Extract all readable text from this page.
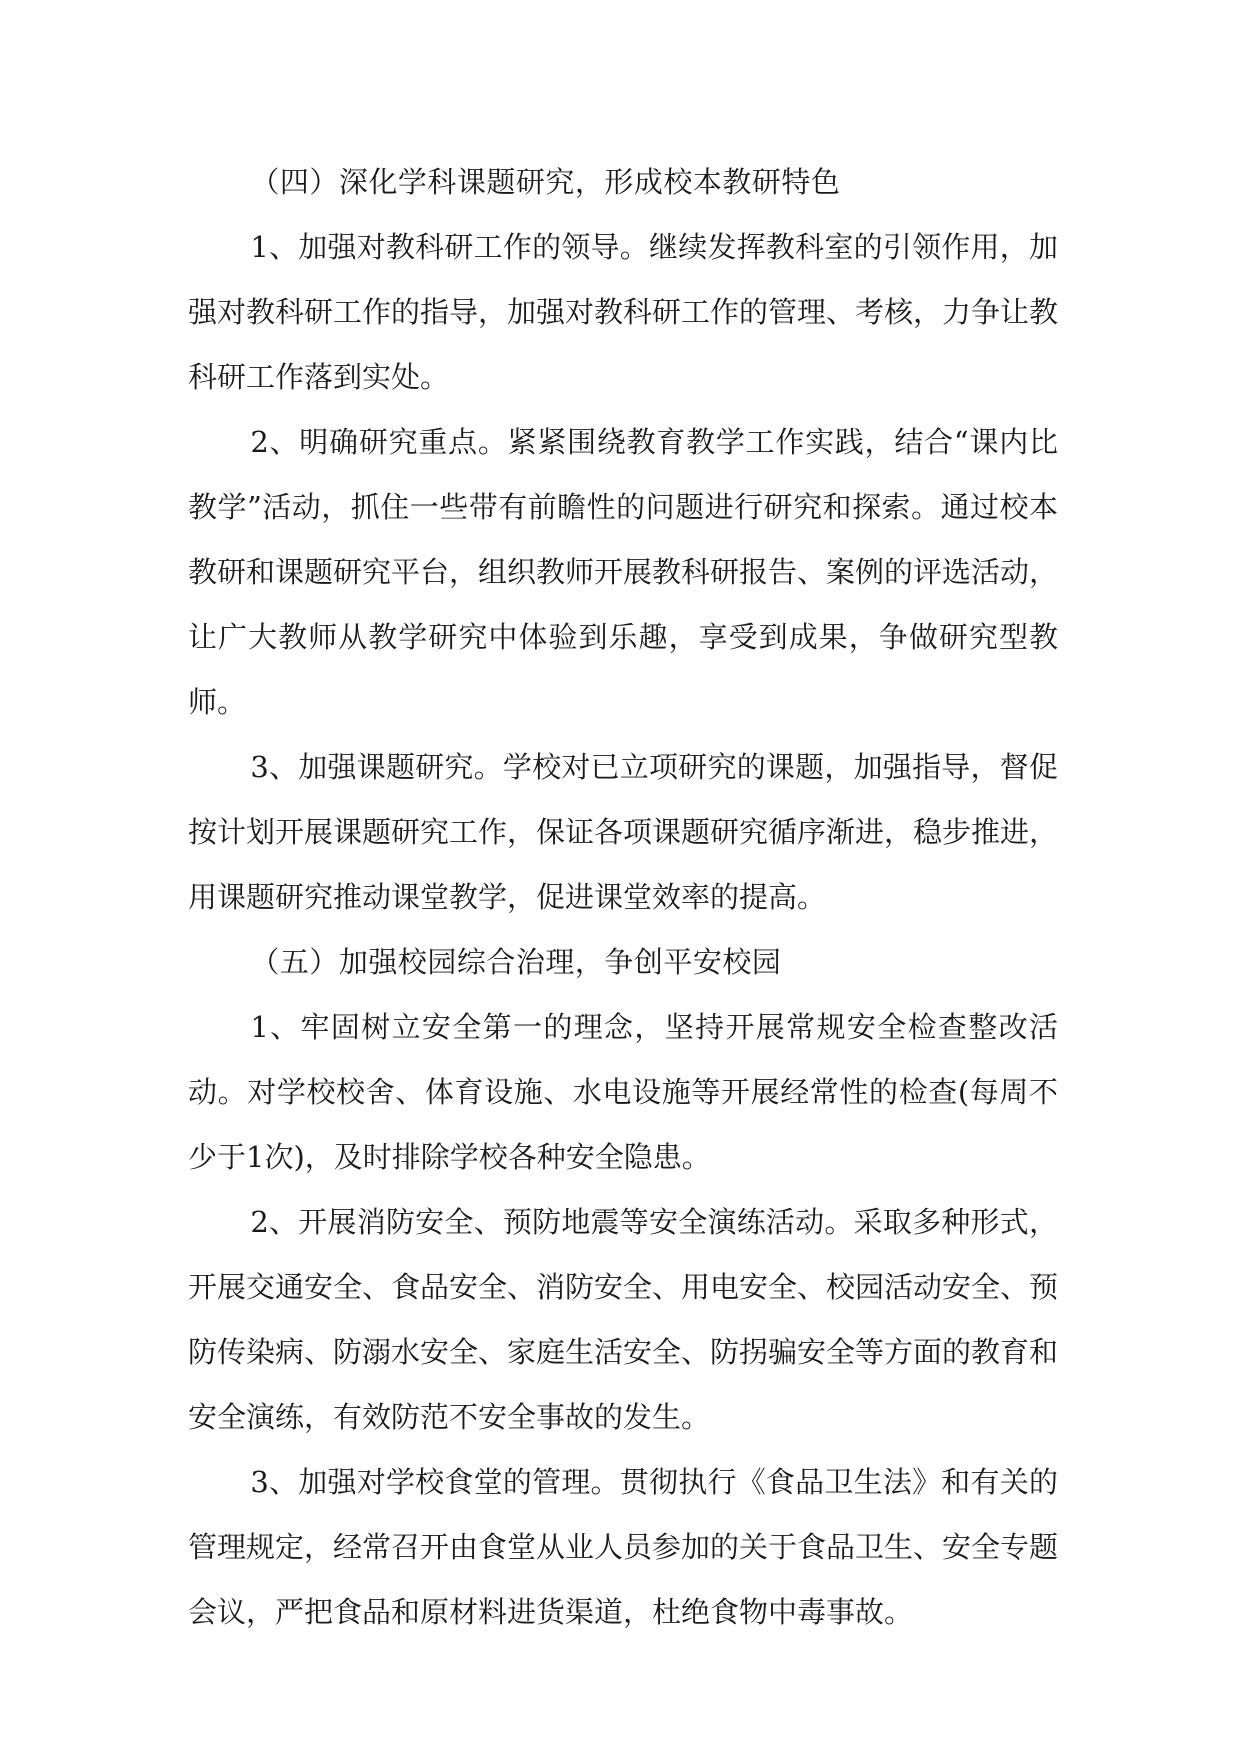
（四）深化学科课题研究，形成校本教研特色

1、加强对教科研工作的领导。继续发挥教科室的引领作用，加强对教科研工作的指导，加强对教科研工作的管理、考核，力争让教科研工作落到实处。

2、明确研究重点。紧紧围绕教育教学工作实践，结合“课内比教学”活动，抓住一些带有前瞻性的问题进行研究和探索。通过校本教研和课题研究平台，组织教师开展教科研报告、案例的评选活动，让广大教师从教学研究中体验到乐趣，享受到成果，争做研究型教师。

3、加强课题研究。学校对已立项研究的课题，加强指导，督促按计划开展课题研究工作，保证各项课题研究循序渐进，稳步推进，用课题研究推动课堂教学，促进课堂效率的提高。

（五）加强校园综合治理，争创平安校园

1、牢固树立安全第一的理念，坚持开展常规安全检查整改活动。对学校校舍、体育设施、水电设施等开展经常性的检查(每周不少于1次)，及时排除学校各种安全隐患。

2、开展消防安全、预防地震等安全演练活动。采取多种形式，开展交通安全、食品安全、消防安全、用电安全、校园活动安全、预防传染病、防溺水安全、家庭生活安全、防拐骗安全等方面的教育和安全演练，有效防范不安全事故的发生。

3、加强对学校食堂的管理。贯彻执行《食品卫生法》和有关的管理规定，经常召开由食堂从业人员参加的关于食品卫生、安全专题会议，严把食品和原材料进货渠道，杜绝食物中毒事故。
